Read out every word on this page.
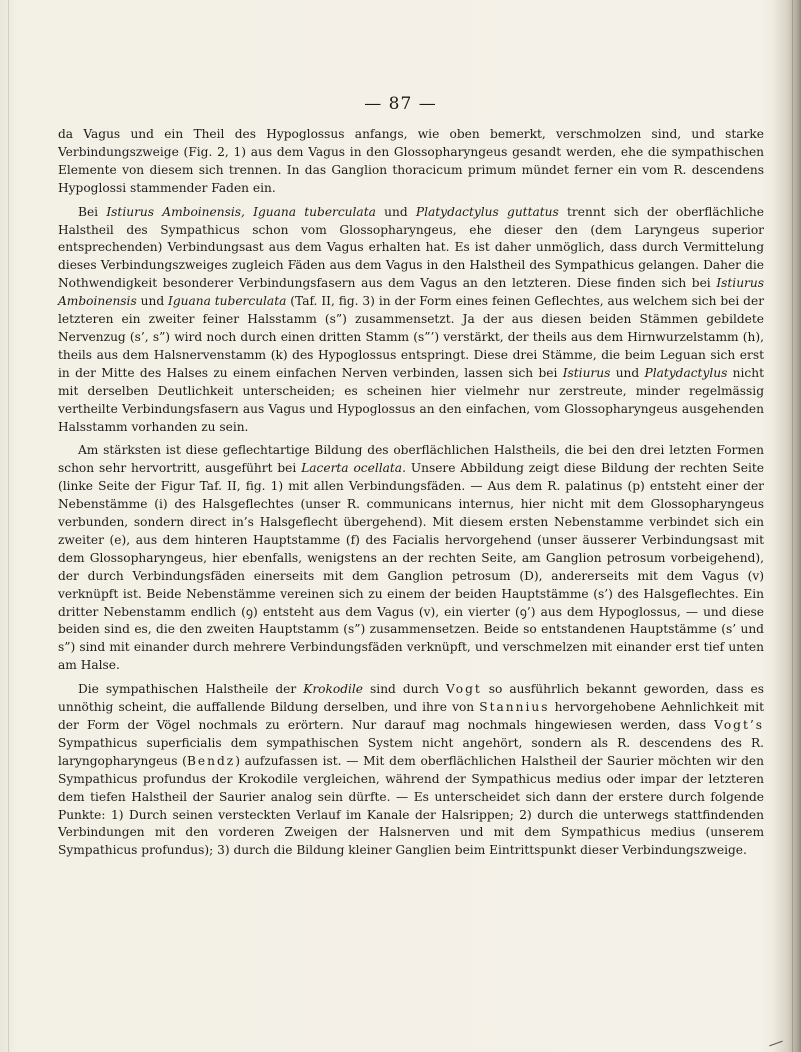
— 87 —

da Vagus und ein Theil des Hypoglossus anfangs, wie oben bemerkt, verschmolzen sind, und starke Verbindungszweige (Fig. 2, 1) aus dem Vagus in den Glossopharyngeus gesandt werden, ehe die sympathischen Elemente von diesem sich trennen. In das Ganglion thoracicum primum mündet ferner ein vom R. descendens Hypoglossi stammender Faden ein.

Bei Istiurus Amboinensis, Iguana tuberculata und Platydactylus guttatus trennt sich der oberflächliche Halstheil des Sympathicus schon vom Glossopharyngeus, ehe dieser den (dem Laryngeus superior entsprechenden) Verbindungsast aus dem Vagus erhalten hat. Es ist daher unmöglich, dass durch Vermittelung dieses Verbindungszweiges zugleich Fäden aus dem Vagus in den Halstheil des Sympathicus gelangen. Daher die Nothwendigkeit besonderer Verbindungsfasern aus dem Vagus an den letzteren. Diese finden sich bei Istiurus Amboinensis und Iguana tuberculata (Taf. II, fig. 3) in der Form eines feinen Geflechtes, aus welchem sich bei der letzteren ein zweiter feiner Halsstamm (s”) zusammensetzt. Ja der aus diesen beiden Stämmen gebildete Nervenzug (s’, s”) wird noch durch einen dritten Stamm (s”’) verstärkt, der theils aus dem Hirnwurzelstamm (h), theils aus dem Halsnervenstamm (k) des Hypoglossus entspringt. Diese drei Stämme, die beim Leguan sich erst in der Mitte des Halses zu einem einfachen Nerven verbinden, lassen sich bei Istiurus und Platydactylus nicht mit derselben Deutlichkeit unterscheiden; es scheinen hier vielmehr nur zerstreute, minder regelmässig vertheilte Verbindungsfasern aus Vagus und Hypoglossus an den einfachen, vom Glossopharyngeus ausgehenden Halsstamm vorhanden zu sein.

Am stärksten ist diese geflechtartige Bildung des oberflächlichen Halstheils, die bei den drei letzten Formen schon sehr hervortritt, ausgeführt bei Lacerta ocellata. Unsere Abbildung zeigt diese Bildung der rechten Seite (linke Seite der Figur Taf. II, fig. 1) mit allen Verbindungsfäden. — Aus dem R. palatinus (p) entsteht einer der Nebenstämme (i) des Halsgeflechtes (unser R. communicans internus, hier nicht mit dem Glossopharyngeus verbunden, sondern direct in’s Halsgeflecht übergehend). Mit diesem ersten Nebenstamme verbindet sich ein zweiter (e), aus dem hinteren Hauptstamme (f) des Facialis hervorgehend (unser äusserer Verbindungsast mit dem Glossopharyngeus, hier ebenfalls, wenigstens an der rechten Seite, am Ganglion petrosum vorbeigehend), der durch Verbindungsfäden einerseits mit dem Ganglion petrosum (D), andererseits mit dem Vagus (v) verknüpft ist. Beide Nebenstämme vereinen sich zu einem der beiden Hauptstämme (s’) des Halsgeflechtes. Ein dritter Nebenstamm endlich (ꝯ) entsteht aus dem Vagus (v), ein vierter (ꝯ’) aus dem Hypoglossus, — und diese beiden sind es, die den zweiten Hauptstamm (s”) zusammensetzen. Beide so entstandenen Hauptstämme (s’ und s”) sind mit einander durch mehrere Verbindungsfäden verknüpft, und verschmelzen mit einander erst tief unten am Halse.

Die sympathischen Halstheile der Krokodile sind durch Vogt so ausführlich bekannt geworden, dass es unnöthig scheint, die auffallende Bildung derselben, und ihre von Stannius hervorgehobene Aehnlichkeit mit der Form der Vögel nochmals zu erörtern. Nur darauf mag nochmals hingewiesen werden, dass Vogt’s Sympathicus superficialis dem sympathischen System nicht angehört, sondern als R. descendens des R. laryngopharyngeus (Bendz) aufzufassen ist. — Mit dem oberflächlichen Halstheil der Saurier möchten wir den Sympathicus profundus der Krokodile vergleichen, während der Sympathicus medius oder impar der letzteren dem tiefen Halstheil der Saurier analog sein dürfte. — Es unterscheidet sich dann der erstere durch folgende Punkte: 1) Durch seinen versteckten Verlauf im Kanale der Halsrippen; 2) durch die unterwegs stattfindenden Verbindungen mit den vorderen Zweigen der Halsnerven und mit dem Sympathicus medius (unserem Sympathicus profundus); 3) durch die Bildung kleiner Ganglien beim Eintrittspunkt dieser Verbindungszweige.
